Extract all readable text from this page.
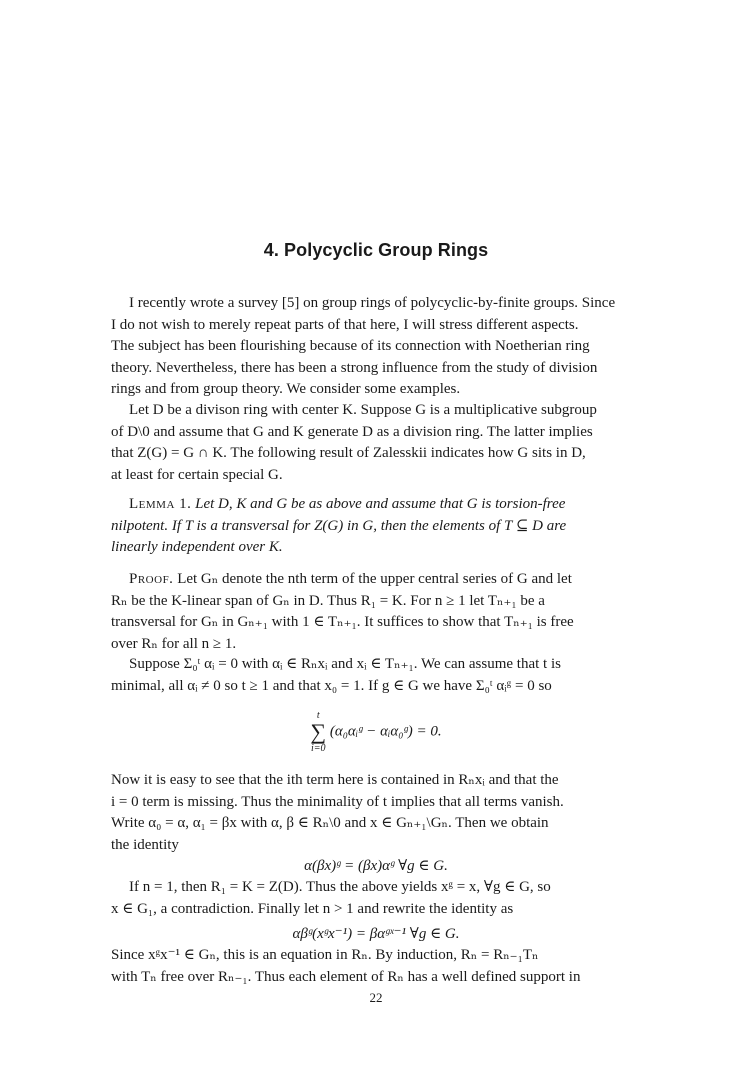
4. Polycyclic Group Rings
I recently wrote a survey [5] on group rings of polycyclic-by-finite groups. Since
I do not wish to merely repeat parts of that here, I will stress different aspects.
The subject has been flourishing because of its connection with Noetherian ring
theory. Nevertheless, there has been a strong influence from the study of division
rings and from group theory. We consider some examples.
Let D be a divison ring with center K. Suppose G is a multiplicative subgroup
of D\0 and assume that G and K generate D as a division ring. The latter implies
that Z(G) = G ∩ K. The following result of Zalesskii indicates how G sits in D,
at least for certain special G.
Lemma 1. Let D, K and G be as above and assume that G is torsion-free
nilpotent. If T is a transversal for Z(G) in G, then the elements of T ⊆ D are
linearly independent over K.
Proof. Let Gₙ denote the nth term of the upper central series of G and let
Rₙ be the K-linear span of Gₙ in D. Thus R₁ = K. For n ≥ 1 let Tₙ₊₁ be a
transversal for Gₙ in Gₙ₊₁ with 1 ∈ Tₙ₊₁. It suffices to show that Tₙ₊₁ is free
over Rₙ for all n ≥ 1.
Suppose Σ₀ᵗ αᵢ = 0 with αᵢ ∈ Rₙxᵢ and xᵢ ∈ Tₙ₊₁. We can assume that t is
minimal, all αᵢ ≠ 0 so t ≥ 1 and that x₀ = 1. If g ∈ G we have Σ₀ᵗ αᵢᵍ = 0 so
t
∑
i=0
(α₀αᵢᵍ − αᵢα₀ᵍ) = 0.
Now it is easy to see that the ith term here is contained in Rₙxᵢ and that the
i = 0 term is missing. Thus the minimality of t implies that all terms vanish.
Write α₀ = α, α₁ = βx with α, β ∈ Rₙ\0 and x ∈ Gₙ₊₁\Gₙ. Then we obtain
the identity
α(βx)ᵍ = (βx)αᵍ ∀g ∈ G.
If n = 1, then R₁ = K = Z(D). Thus the above yields xᵍ = x, ∀g ∈ G, so
x ∈ G₁, a contradiction. Finally let n > 1 and rewrite the identity as
αβᵍ(xᵍx⁻¹) = βαᵍˣ⁻¹ ∀g ∈ G.
Since xᵍx⁻¹ ∈ Gₙ, this is an equation in Rₙ. By induction, Rₙ = Rₙ₋₁Tₙ
with Tₙ free over Rₙ₋₁. Thus each element of Rₙ has a well defined support in
22
